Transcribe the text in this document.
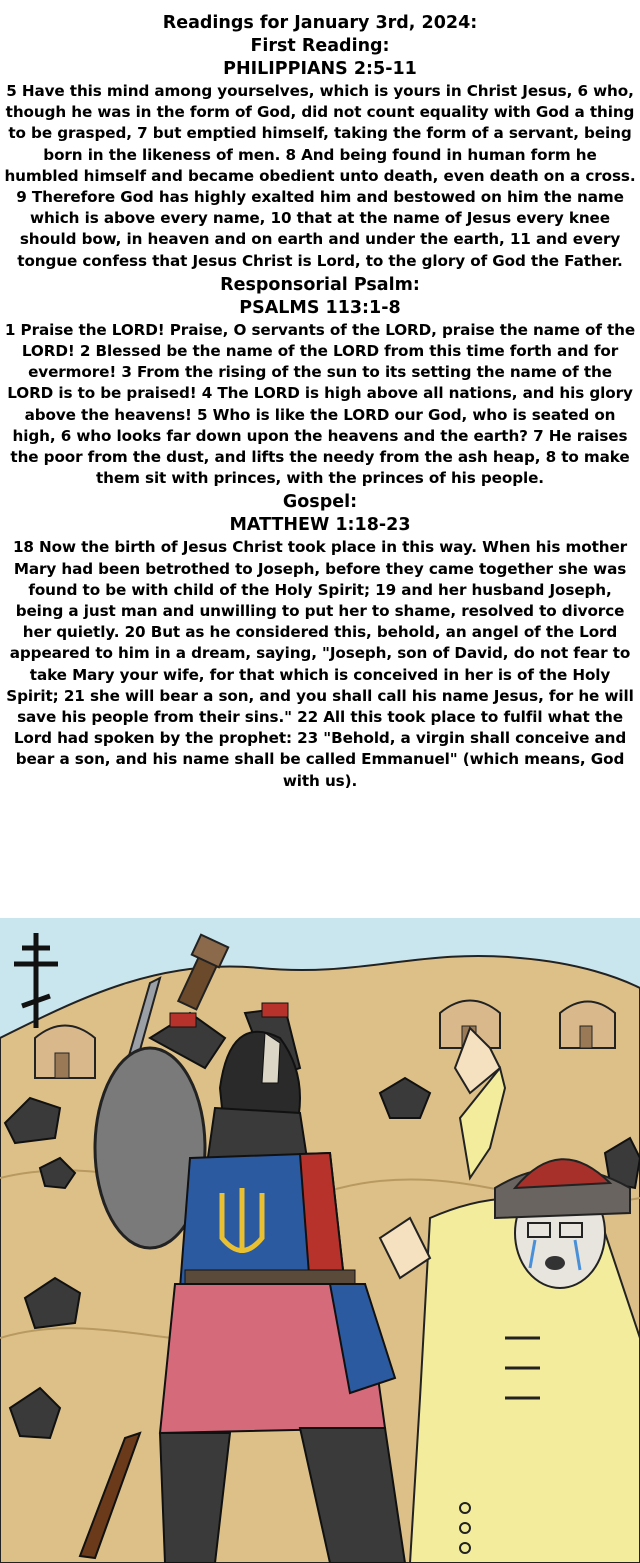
Readings for January 3rd, 2024:

First Reading:

PHILIPPIANS 2:5-11

5 Have this mind among yourselves, which is yours in Christ Jesus, 6 who, though he was in the form of God, did not count equality with God a thing to be grasped, 7 but emptied himself, taking the form of a servant, being born in the likeness of men. 8 And being found in human form he humbled himself and became obedient unto death, even death on a cross. 9 Therefore God has highly exalted him and bestowed on him the name which is above every name, 10 that at the name of Jesus every knee should bow, in heaven and on earth and under the earth, 11 and every tongue confess that Jesus Christ is Lord, to the glory of God the Father.

Responsorial Psalm:

PSALMS 113:1-8

1 Praise the LORD! Praise, O servants of the LORD, praise the name of the LORD! 2 Blessed be the name of the LORD from this time forth and for evermore! 3 From the rising of the sun to its setting the name of the LORD is to be praised! 4 The LORD is high above all nations, and his glory above the heavens! 5 Who is like the LORD our God, who is seated on high, 6 who looks far down upon the heavens and the earth? 7 He raises the poor from the dust, and lifts the needy from the ash heap, 8 to make them sit with princes, with the princes of his people.

Gospel:

MATTHEW 1:18-23

18 Now the birth of Jesus Christ took place in this way. When his mother Mary had been betrothed to Joseph, before they came together she was found to be with child of the Holy Spirit; 19 and her husband Joseph, being a just man and unwilling to put her to shame, resolved to divorce her quietly. 20 But as he considered this, behold, an angel of the Lord appeared to him in a dream, saying, "Joseph, son of David, do not fear to take Mary your wife, for that which is conceived in her is of the Holy Spirit; 21 she will bear a son, and you shall call his name Jesus, for he will save his people from their sins." 22 All this took place to fulfil what the Lord had spoken by the prophet: 23 "Behold, a virgin shall conceive and bear a son, and his name shall be called Emmanuel" (which means, God with us).
